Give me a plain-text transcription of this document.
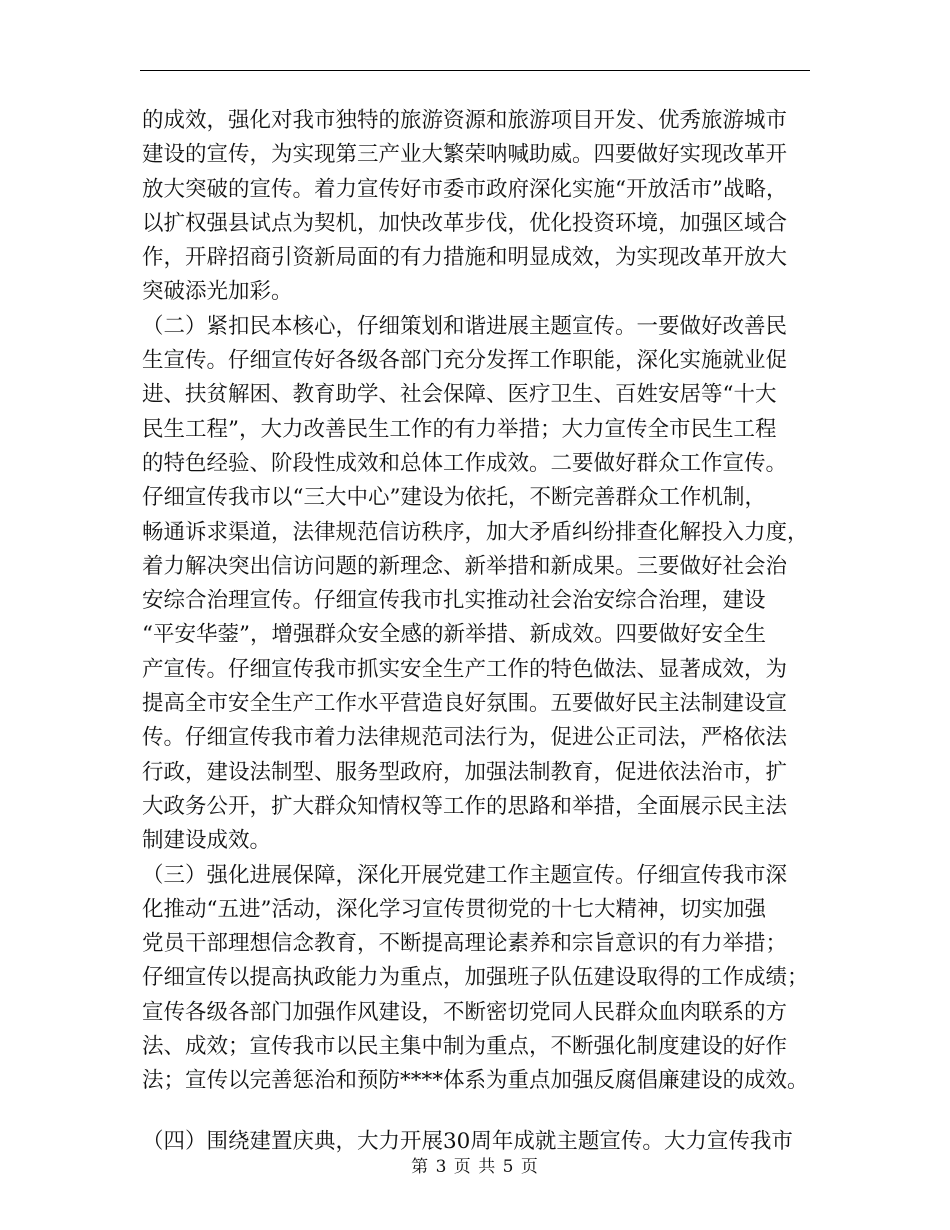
的成效，强化对我市独特的旅游资源和旅游项目开发、优秀旅游城市
建设的宣传，为实现第三产业大繁荣呐喊助威。四要做好实现改革开
放大突破的宣传。着力宣传好市委市政府深化实施“开放活市”战略，
以扩权强县试点为契机，加快改革步伐，优化投资环境，加强区域合
作，开辟招商引资新局面的有力措施和明显成效，为实现改革开放大
突破添光加彩。
（二）紧扣民本核心，仔细策划和谐进展主题宣传。一要做好改善民
生宣传。仔细宣传好各级各部门充分发挥工作职能，深化实施就业促
进、扶贫解困、教育助学、社会保障、医疗卫生、百姓安居等“十大
民生工程”，大力改善民生工作的有力举措；大力宣传全市民生工程
的特色经验、阶段性成效和总体工作成效。二要做好群众工作宣传。
仔细宣传我市以“三大中心”建设为依托，不断完善群众工作机制，
畅通诉求渠道，法律规范信访秩序，加大矛盾纠纷排查化解投入力度，
着力解决突出信访问题的新理念、新举措和新成果。三要做好社会治
安综合治理宣传。仔细宣传我市扎实推动社会治安综合治理，建设
“平安华蓥”，增强群众安全感的新举措、新成效。四要做好安全生
产宣传。仔细宣传我市抓实安全生产工作的特色做法、显著成效，为
提高全市安全生产工作水平营造良好氛围。五要做好民主法制建设宣
传。仔细宣传我市着力法律规范司法行为，促进公正司法，严格依法
行政，建设法制型、服务型政府，加强法制教育，促进依法治市，扩
大政务公开，扩大群众知情权等工作的思路和举措，全面展示民主法
制建设成效。
（三）强化进展保障，深化开展党建工作主题宣传。仔细宣传我市深
化推动“五进”活动，深化学习宣传贯彻党的十七大精神，切实加强
党员干部理想信念教育，不断提高理论素养和宗旨意识的有力举措；
仔细宣传以提高执政能力为重点，加强班子队伍建设取得的工作成绩；
宣传各级各部门加强作风建设，不断密切党同人民群众血肉联系的方
法、成效；宣传我市以民主集中制为重点，不断强化制度建设的好作
法；宣传以完善惩治和预防****体系为重点加强反腐倡廉建设的成效。
（四）围绕建置庆典，大力开展30周年成就主题宣传。大力宣传我市
第 3 页 共 5 页
